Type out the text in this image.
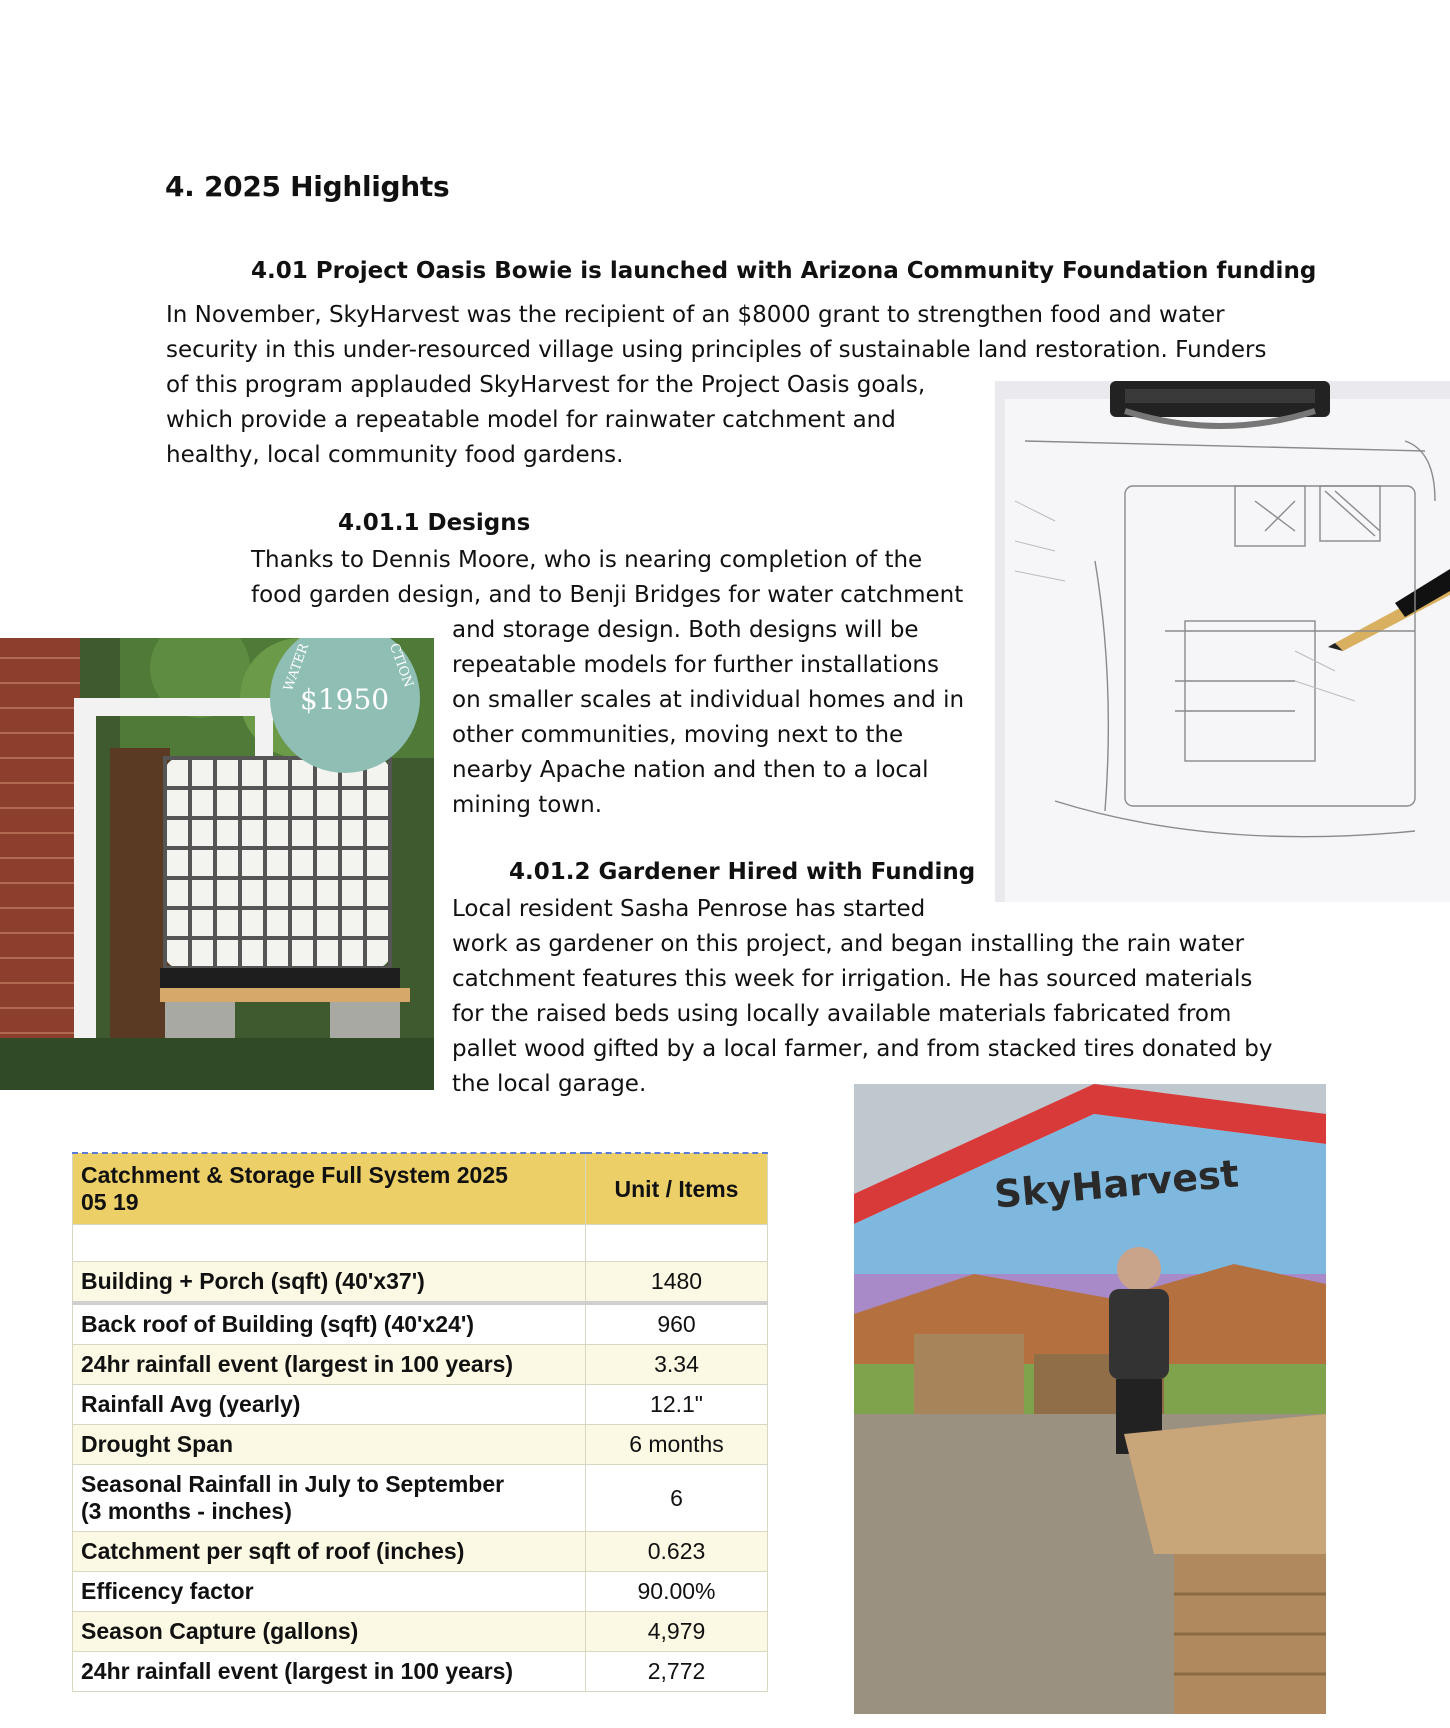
4. 2025 Highlights
4.01 Project Oasis Bowie is launched with Arizona Community Foundation funding
In November, SkyHarvest was the recipient of an $8000 grant to strengthen food and water
security in this under-resourced village using principles of sustainable land restoration. Funders
of this program applauded SkyHarvest for the Project Oasis goals,
which provide a repeatable model for rainwater catchment and
healthy, local community food gardens.
4.01.1 Designs
Thanks to Dennis Moore, who is nearing completion of the
food garden design, and to Benji Bridges for water catchment
and storage design. Both designs will be
repeatable models for further installations
on smaller scales at individual homes and in
other communities, moving next to the
nearby Apache nation and then to a local
mining town.
$1950
WATER	CTION
4.01.2 Gardener Hired with Funding
Local resident Sasha Penrose has started
work as gardener on this project, and began installing the rain water
catchment features this week for irrigation. He has sourced materials
for the raised beds using locally available materials fabricated from
pallet wood gifted by a local farmer, and from stacked tires donated by
the local garage.
Catchment & Storage Full System 2025
05 19	Unit / Items

Building + Porch (sqft) (40'x37')	1480
Back roof of Building (sqft) (40'x24')	960
24hr rainfall event (largest in 100 years)	3.34
Rainfall Avg (yearly)	12.1"
Drought Span	6 months
Seasonal Rainfall in July to September
(3 months - inches)	6
Catchment per sqft of roof (inches)	0.623
Efficency factor	90.00%
Season Capture (gallons)	4,979
24hr rainfall event (largest in 100 years)	2,772
SkyHarvest
